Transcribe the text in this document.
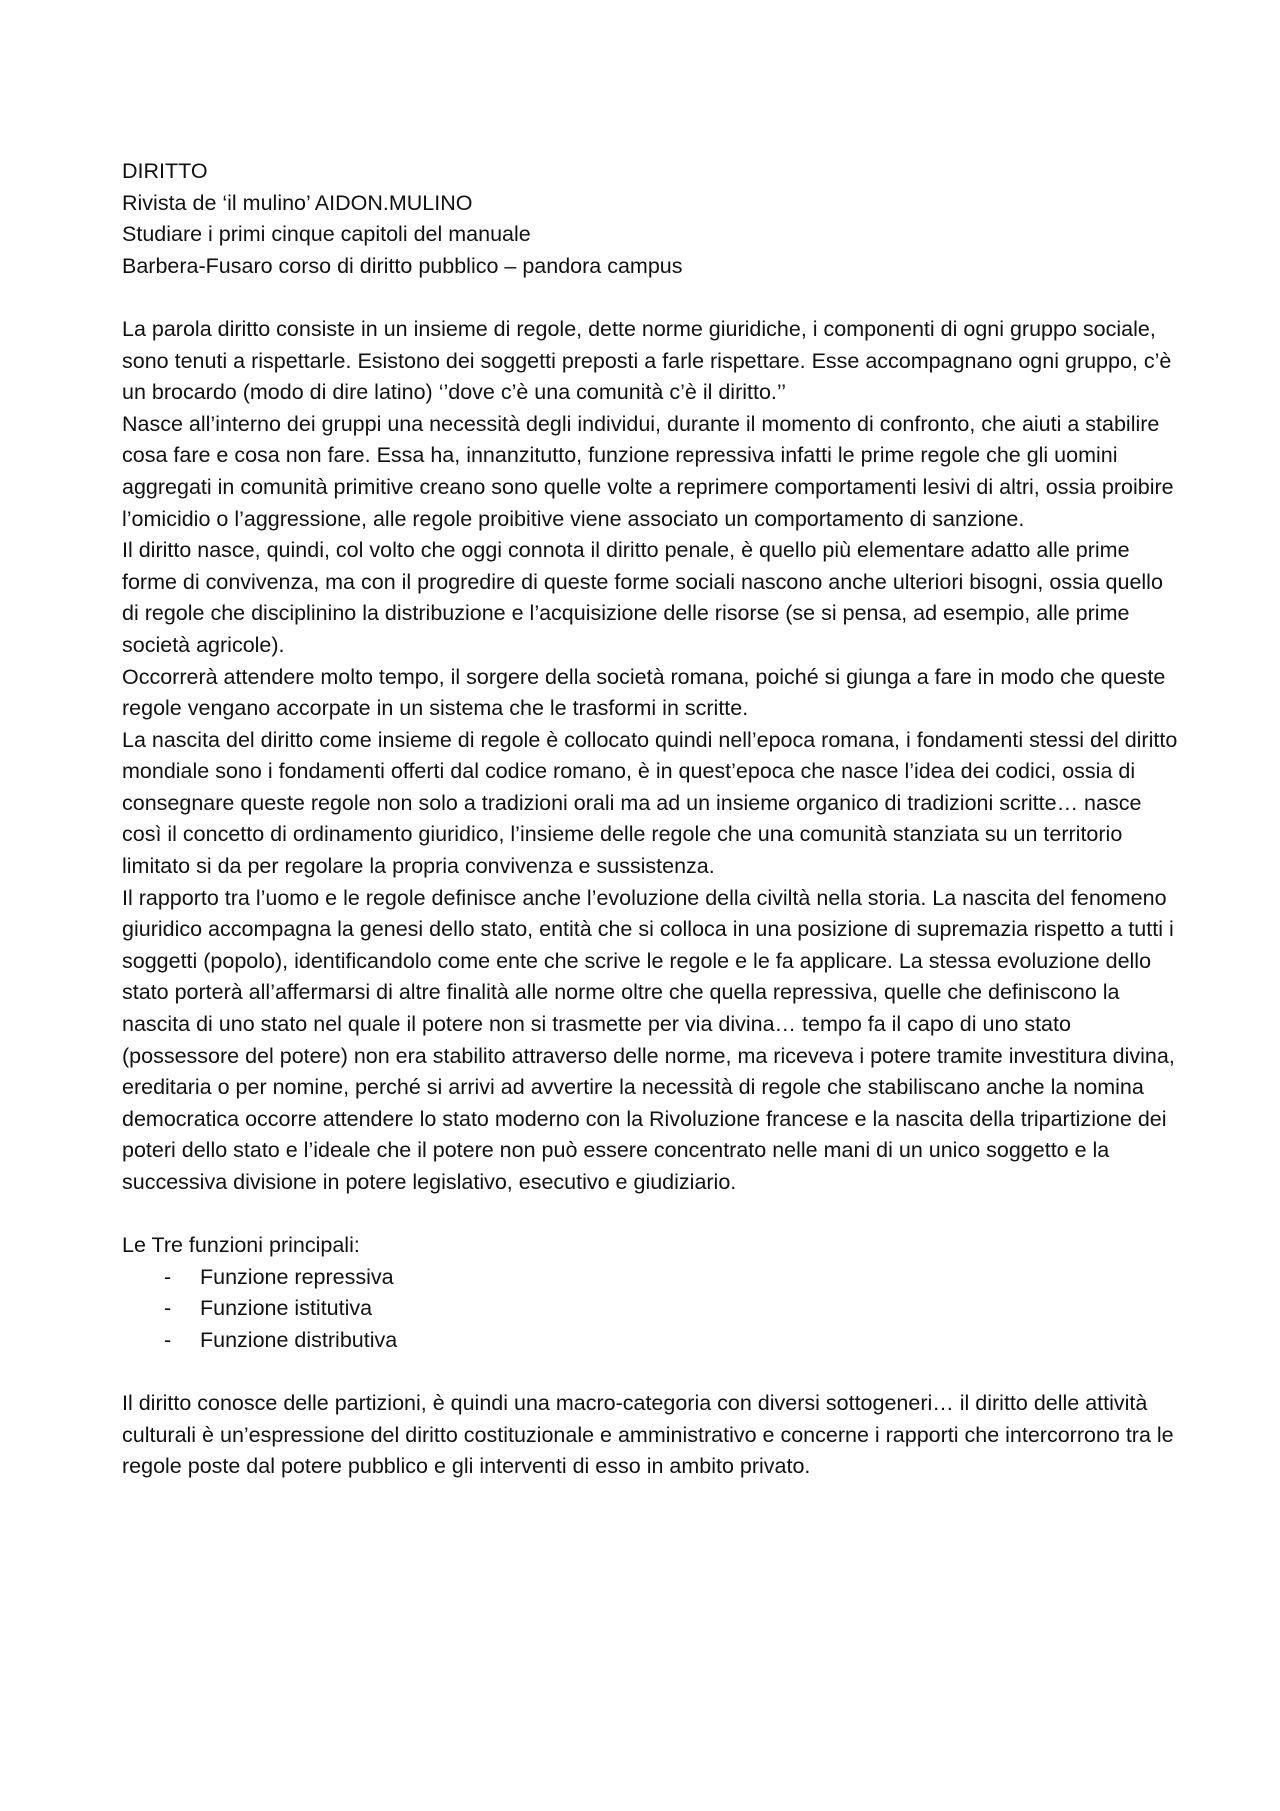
DIRITTO
Rivista de ‘il mulino’ AIDON.MULINO
Studiare i primi cinque capitoli del manuale
Barbera-Fusaro corso di diritto pubblico – pandora campus

La parola diritto consiste in un insieme di regole, dette norme giuridiche, i componenti di ogni gruppo sociale, sono tenuti a rispettarle. Esistono dei soggetti preposti a farle rispettare. Esse accompagnano ogni gruppo, c’è un brocardo (modo di dire latino) ‘’dove c’è una comunità c’è il diritto.’’

Nasce all’interno dei gruppi una necessità degli individui, durante il momento di confronto, che aiuti a stabilire cosa fare e cosa non fare. Essa ha, innanzitutto, funzione repressiva infatti le prime regole che gli uomini aggregati in comunità primitive creano sono quelle volte a reprimere comportamenti lesivi di altri, ossia proibire l’omicidio o l’aggressione, alle regole proibitive viene associato un comportamento di sanzione.

Il diritto nasce, quindi, col volto che oggi connota il diritto penale, è quello più elementare adatto alle prime forme di convivenza, ma con il progredire di queste forme sociali nascono anche ulteriori bisogni, ossia quello di regole che disciplinino la distribuzione e l’acquisizione delle risorse (se si pensa, ad esempio, alle prime società agricole).

Occorrerà attendere molto tempo, il sorgere della società romana, poiché si giunga a fare in modo che queste regole vengano accorpate in un sistema che le trasformi in scritte.

La nascita del diritto come insieme di regole è collocato quindi nell’epoca romana, i fondamenti stessi del diritto mondiale sono i fondamenti offerti dal codice romano, è in quest’epoca che nasce l’idea dei codici, ossia di consegnare queste regole non solo a tradizioni orali ma ad un insieme organico di tradizioni scritte… nasce così il concetto di ordinamento giuridico, l’insieme delle regole che una comunità stanziata su un territorio limitato si da per regolare la propria convivenza e sussistenza.

Il rapporto tra l’uomo e le regole definisce anche l’evoluzione della civiltà nella storia. La nascita del fenomeno giuridico accompagna la genesi dello stato, entità che si colloca in una posizione di supremazia rispetto a tutti i soggetti (popolo), identificandolo come ente che scrive le regole e le fa applicare. La stessa evoluzione dello stato porterà all’affermarsi di altre finalità alle norme oltre che quella repressiva, quelle che definiscono la nascita di uno stato nel quale il potere non si trasmette per via divina… tempo fa il capo di uno stato (possessore del potere) non era stabilito attraverso delle norme, ma riceveva i potere tramite investitura divina, ereditaria o per nomine, perché si arrivi ad avvertire la necessità di regole che stabiliscano anche la nomina democratica occorre attendere lo stato moderno con la Rivoluzione francese e la nascita della tripartizione dei poteri dello stato e l’ideale che il potere non può essere concentrato nelle mani di un unico soggetto e la successiva divisione in potere legislativo, esecutivo e giudiziario.

Le Tre funzioni principali:

- Funzione repressiva
- Funzione istitutiva
- Funzione distributiva

Il diritto conosce delle partizioni, è quindi una macro-categoria con diversi sottogeneri… il diritto delle attività culturali è un’espressione del diritto costituzionale e amministrativo e concerne i rapporti che intercorrono tra le regole poste dal potere pubblico e gli interventi di esso in ambito privato.
